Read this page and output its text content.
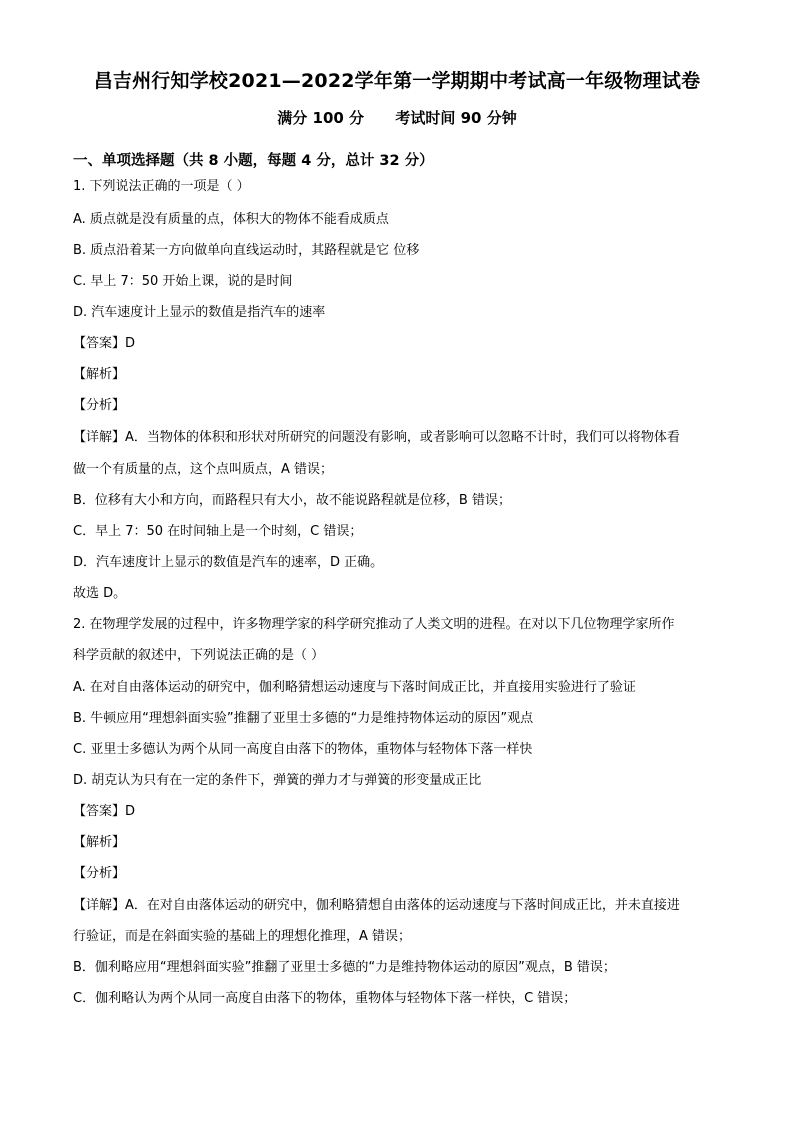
昌吉州行知学校2021—2022学年第一学期期中考试高一年级物理试卷
满分 100 分      考试时间 90 分钟
一、单项选择题（共 8 小题，每题 4 分，总计 32 分）
1. 下列说法正确的一项是（ ）
A. 质点就是没有质量的点，体积大的物体不能看成质点
B. 质点沿着某一方向做单向直线运动时，其路程就是它 位移
C. 早上 7：50 开始上课，说的是时间
D. 汽车速度计上显示的数值是指汽车的速率
【答案】D
【解析】
【分析】
【详解】A．当物体的体积和形状对所研究的问题没有影响，或者影响可以忽略不计时，我们可以将物体看
做一个有质量的点，这个点叫质点，A 错误；
B．位移有大小和方向，而路程只有大小，故不能说路程就是位移，B 错误；
C．早上 7：50 在时间轴上是一个时刻，C 错误；
D．汽车速度计上显示的数值是汽车的速率，D 正确。
故选 D。
2. 在物理学发展的过程中，许多物理学家的科学研究推动了人类文明的进程。在对以下几位物理学家所作
科学贡献的叙述中，下列说法正确的是（ ）
A. 在对自由落体运动的研究中，伽利略猜想运动速度与下落时间成正比，并直接用实验进行了验证
B. 牛顿应用“理想斜面实验”推翻了亚里士多德的“力是维持物体运动的原因”观点
C. 亚里士多德认为两个从同一高度自由落下的物体，重物体与轻物体下落一样快
D. 胡克认为只有在一定的条件下，弹簧的弹力才与弹簧的形变量成正比
【答案】D
【解析】
【分析】
【详解】A．在对自由落体运动的研究中，伽利略猜想自由落体的运动速度与下落时间成正比，并未直接进
行验证，而是在斜面实验的基础上的理想化推理，A 错误；
B．伽利略应用“理想斜面实验”推翻了亚里士多德的“力是维持物体运动的原因”观点，B 错误；
C．伽利略认为两个从同一高度自由落下的物体，重物体与轻物体下落一样快，C 错误；
